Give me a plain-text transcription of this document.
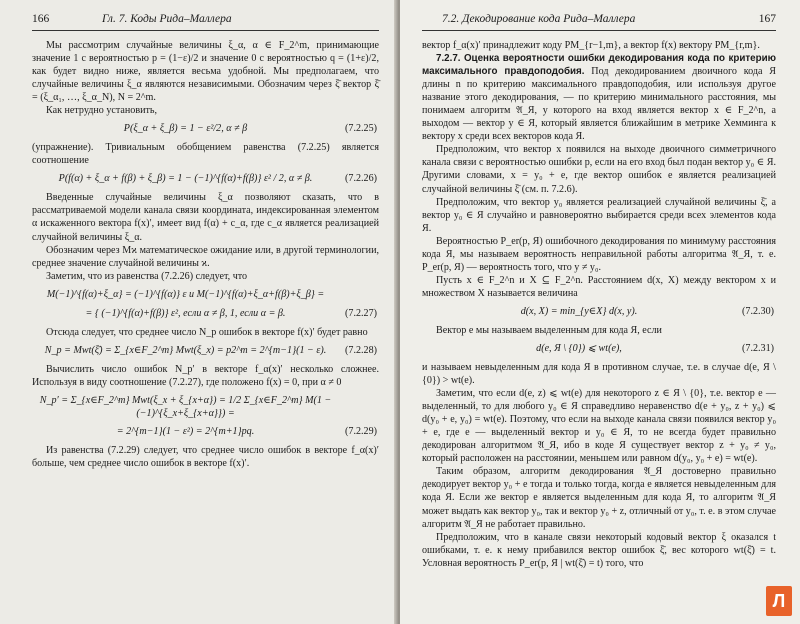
166	Гл. 7. Коды Рида–Маллера

Мы рассмотрим случайные величины ξ_α, α ∈ F_2^m, принимающие значение 1 с вероятностью p = (1−ε)/2 и значение 0 с вероятностью q = (1+ε)/2, как будет видно ниже, является весьма удобной. Мы предполагаем, что случайные величины ξ_α являются независимыми. Обозначим через ξ̄ вектор ξ̄ = (ξ_α₁, …, ξ_α_N), N = 2^m.

Как нетрудно установить,

P(ξ_α + ξ_β) = 1 − ε²/2, α ≠ β	(7.2.25)

(упражнение). Тривиальным обобщением равенства (7.2.25) является соотношение

P(f(α) + ξ_α + f(β) + ξ_β) = 1 − (−1)^{f(α)+f(β)} ε² / 2, α ≠ β.	(7.2.26)

Введенные случайные величины ξ_α позволяют сказать, что в рассматриваемой модели канала связи координата, индексированная элементом α искаженного вектора f(x)′, имеет вид f(α) + c_α, где c_α является реализацией случайной величины ξ_α.

Обозначим через Mϰ математическое ожидание или, в другой терминологии, среднее значение случайной величины ϰ.

Заметим, что из равенства (7.2.26) следует, что

M(−1)^{f(α)+ξ_α} = (−1)^{f(α)} ε и M(−1)^{f(α)+ξ_α+f(β)+ξ_β} =
= { (−1)^{f(α)+f(β)} ε², если α ≠ β, 1, если α = β.	(7.2.27)

Отсюда следует, что среднее число N_p ошибок в векторе f(x)′ будет равно

N_p = Mwt(ξ̄) = Σ_{x∈F_2^m} Mwt(ξ_x) = p2^m = 2^{m−1}(1 − ε).	(7.2.28)

Вычислить число ошибок N_p′ в векторе f_α(x)′ несколько сложнее. Используя в виду соотношение (7.2.27), где положено f(x) = 0, при α ≠ 0

N_p′ = Σ_{x∈F_2^m} Mwt(ξ_x + ξ_{x+α}) = 1/2 Σ_{x∈F_2^m} M(1 − (−1)^{ξ_x+ξ_{x+α}}) =
= 2^{m−1}(1 − ε²) = 2^{m+1}pq.	(7.2.29)

Из равенства (7.2.29) следует, что среднее число ошибок в векторе f_α(x)′ больше, чем среднее число ошибок в векторе f(x)′.

7.2. Декодирование кода Рида–Маллера	167

вектор f_α(x)′ принадлежит коду PM_{r−1,m}, а вектор f(x) вектору PM_{r,m}.

7.2.7. Оценка вероятности ошибки декодирования кода по критерию максимального правдоподобия. Под декодированием двоичного кода Я длины n по критерию максимального правдоподобия, или используя другое название этого декодирования, — по критерию минимального расстояния, мы понимаем алгоритм 𝔄_Я, у которого на вход является вектор x ∈ F_2^n, а выходом — вектор y ∈ Я, который является ближайшим в метрике Хемминга к вектору x среди всех векторов кода Я.

Предположим, что вектор x появился на выходе двоичного симметричного канала связи с вероятностью ошибки p, если на его вход был подан вектор y₀ ∈ Я. Другими словами, x = y₀ + e, где вектор ошибок e является реализацией случайной величины ξ̄ (см. п. 7.2.6).

Предположим, что вектор y₀ является реализацией случайной величины ξ̄, а вектор y₀ ∈ Я случайно и равновероятно выбирается среди всех элементов кода Я.

Вероятностью P_er(p, Я) ошибочного декодирования по минимуму расстояния кода Я, мы называем вероятность неправильной работы алгоритма 𝔄_Я, т. е. P_er(p, Я) — вероятность того, что y ≠ y₀.

Пусть x ∈ F_2^n и X ⊆ F_2^n. Расстоянием d(x, X) между вектором x и множеством X называется величина

d(x, X) = min_{y∈X} d(x, y).	(7.2.30)

Вектор e мы называем выделенным для кода Я, если

d(e, Я \ {0}) ⩽ wt(e),	(7.2.31)

и называем невыделенным для кода Я в противном случае, т.е. в случае d(e, Я \ {0}) > wt(e).

Заметим, что если d(e, z) ⩽ wt(e) для некоторого z ∈ Я \ {0}, т.е. вектор e — выделенный, то для любого y₀ ∈ Я справедливо неравенство d(e + y₀, z + y₀) ⩽ d(y₀ + e, y₀) = wt(e). Поэтому, что если на выходе канала связи появился вектор y₀ + e, где e — выделенный вектор и y₀ ∈ Я, то не всегда будет правильно декодирован алгоритмом 𝔄_Я, ибо в коде Я существует вектор z + y₀ ≠ y₀, который расположен на расстоянии, меньшем или равном d(y₀, y₀ + e) = wt(e).

Таким образом, алгоритм декодирования 𝔄_Я достоверно правильно декодирует вектор y₀ + e тогда и только тогда, когда e является невыделенным для кода Я. Если же вектор e является выделенным для кода Я, то алгоритм 𝔄_Я может выдать как вектор y₀, так и вектор y₀ + z, отличный от y₀, т. е. в этом случае алгоритм 𝔄_Я не работает правильно.

Предположим, что в канале связи некоторый кодовый вектор ξ оказался t ошибками, т. е. к нему прибавился вектор ошибок ξ̄, вес которого wt(ξ̄) = t. Условная вероятность P_er(p, Я | wt(ξ̄) = t) того, что

Л
